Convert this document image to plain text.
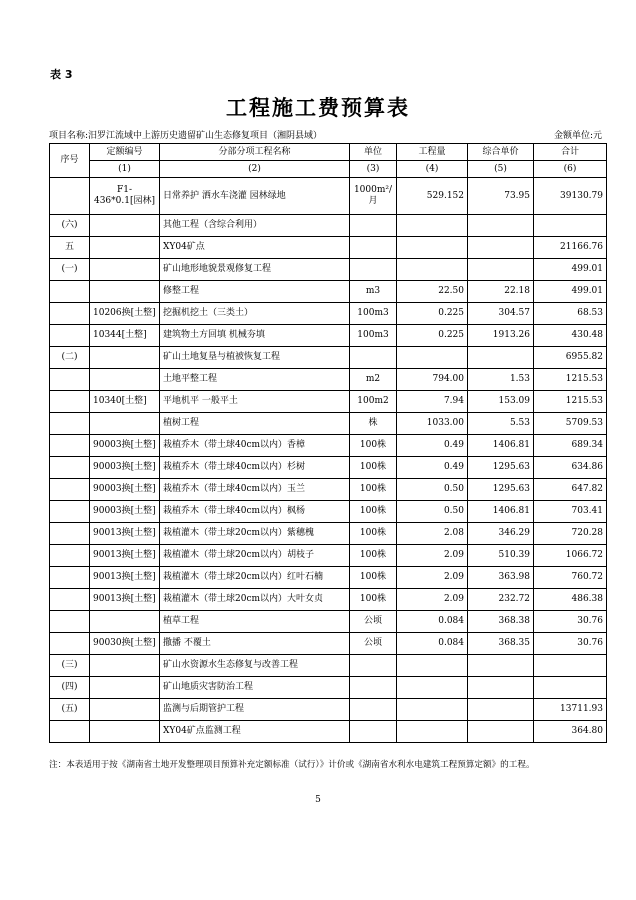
表 3
工程施工费预算表
项目名称:汨罗江流域中上游历史遗留矿山生态修复项目（湘阴县域）	金额单位:元
序号	定额编号	分部分项工程名称	单位	工程量	综合单价	合计
	(1)	(2)	(3)	(4)	(5)	(6)
	F1-436*0.1[园林]	日常养护 洒水车浇灌 园林绿地	1000m²/月	529.152	73.95	39130.79
(六)		其他工程（含综合利用）				
五		XY04矿点				21166.76
(一)		矿山地形地貌景观修复工程				499.01
		修整工程	m3	22.50	22.18	499.01
	10206换[土整]	挖掘机挖土（三类土）	100m3	0.225	304.57	68.53
	10344[土整]	建筑物土方回填 机械夯填	100m3	0.225	1913.26	430.48
(二)		矿山土地复垦与植被恢复工程				6955.82
		土地平整工程	m2	794.00	1.53	1215.53
	10340[土整]	平地机平 一般平土	100m2	7.94	153.09	1215.53
		植树工程	株	1033.00	5.53	5709.53
	90003换[土整]	栽植乔木（带土球40cm以内）香樟	100株	0.49	1406.81	689.34
	90003换[土整]	栽植乔木（带土球40cm以内）杉树	100株	0.49	1295.63	634.86
	90003换[土整]	栽植乔木（带土球40cm以内）玉兰	100株	0.50	1295.63	647.82
	90003换[土整]	栽植乔木（带土球40cm以内）枫杨	100株	0.50	1406.81	703.41
	90013换[土整]	栽植灌木（带土球20cm以内）紫穗槐	100株	2.08	346.29	720.28
	90013换[土整]	栽植灌木（带土球20cm以内）胡枝子	100株	2.09	510.39	1066.72
	90013换[土整]	栽植灌木（带土球20cm以内）红叶石楠	100株	2.09	363.98	760.72
	90013换[土整]	栽植灌木（带土球20cm以内）大叶女贞	100株	2.09	232.72	486.38
		植草工程	公顷	0.084	368.38	30.76
	90030换[土整]	撒播 不覆土	公顷	0.084	368.35	30.76
(三)		矿山水资源水生态修复与改善工程				
(四)		矿山地质灾害防治工程				
(五)		监测与后期管护工程				13711.93
		XY04矿点监测工程				364.80
注：本表适用于按《湖南省土地开发整理项目预算补充定额标准（试行）》计价或《湖南省水利水电建筑工程预算定额》的工程。
5
